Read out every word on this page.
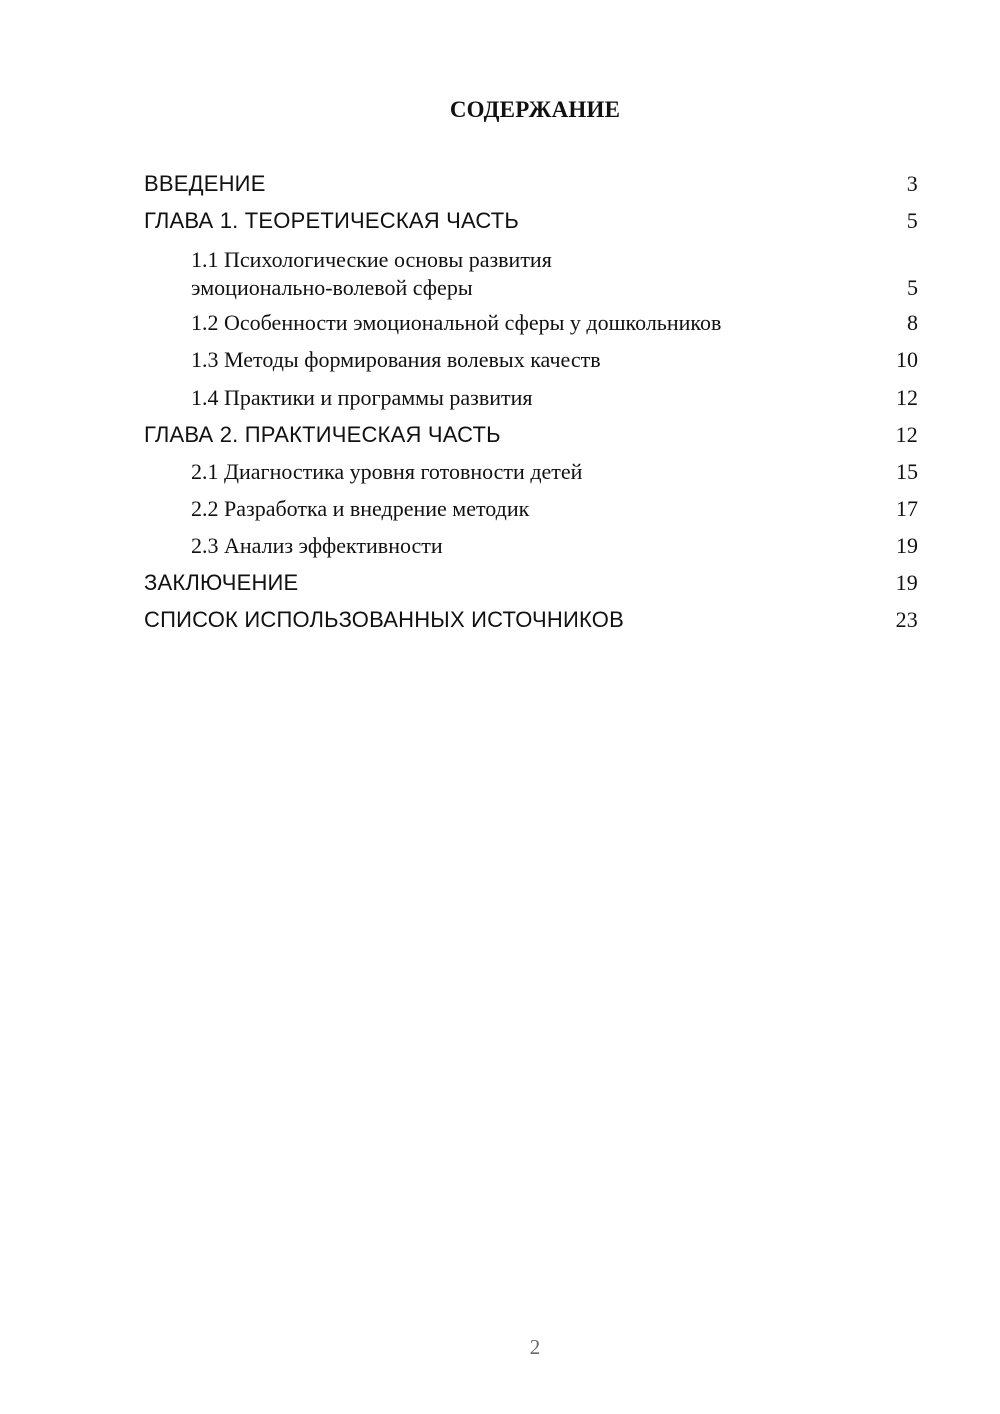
СОДЕРЖАНИЕ
ВВЕДЕНИЕ	3
ГЛАВА 1. ТЕОРЕТИЧЕСКАЯ ЧАСТЬ	5
1.1 Психологические основы развития
эмоционально-волевой сферы	5
1.2 Особенности эмоциональной сферы у дошкольников	8
1.3 Методы формирования волевых качеств	10
1.4 Практики и программы развития	12
ГЛАВА 2. ПРАКТИЧЕСКАЯ ЧАСТЬ	12
2.1 Диагностика уровня готовности детей	15
2.2 Разработка и внедрение методик	17
2.3 Анализ эффективности	19
ЗАКЛЮЧЕНИЕ	19
СПИСОК ИСПОЛЬЗОВАННЫХ ИСТОЧНИКОВ	23
2
